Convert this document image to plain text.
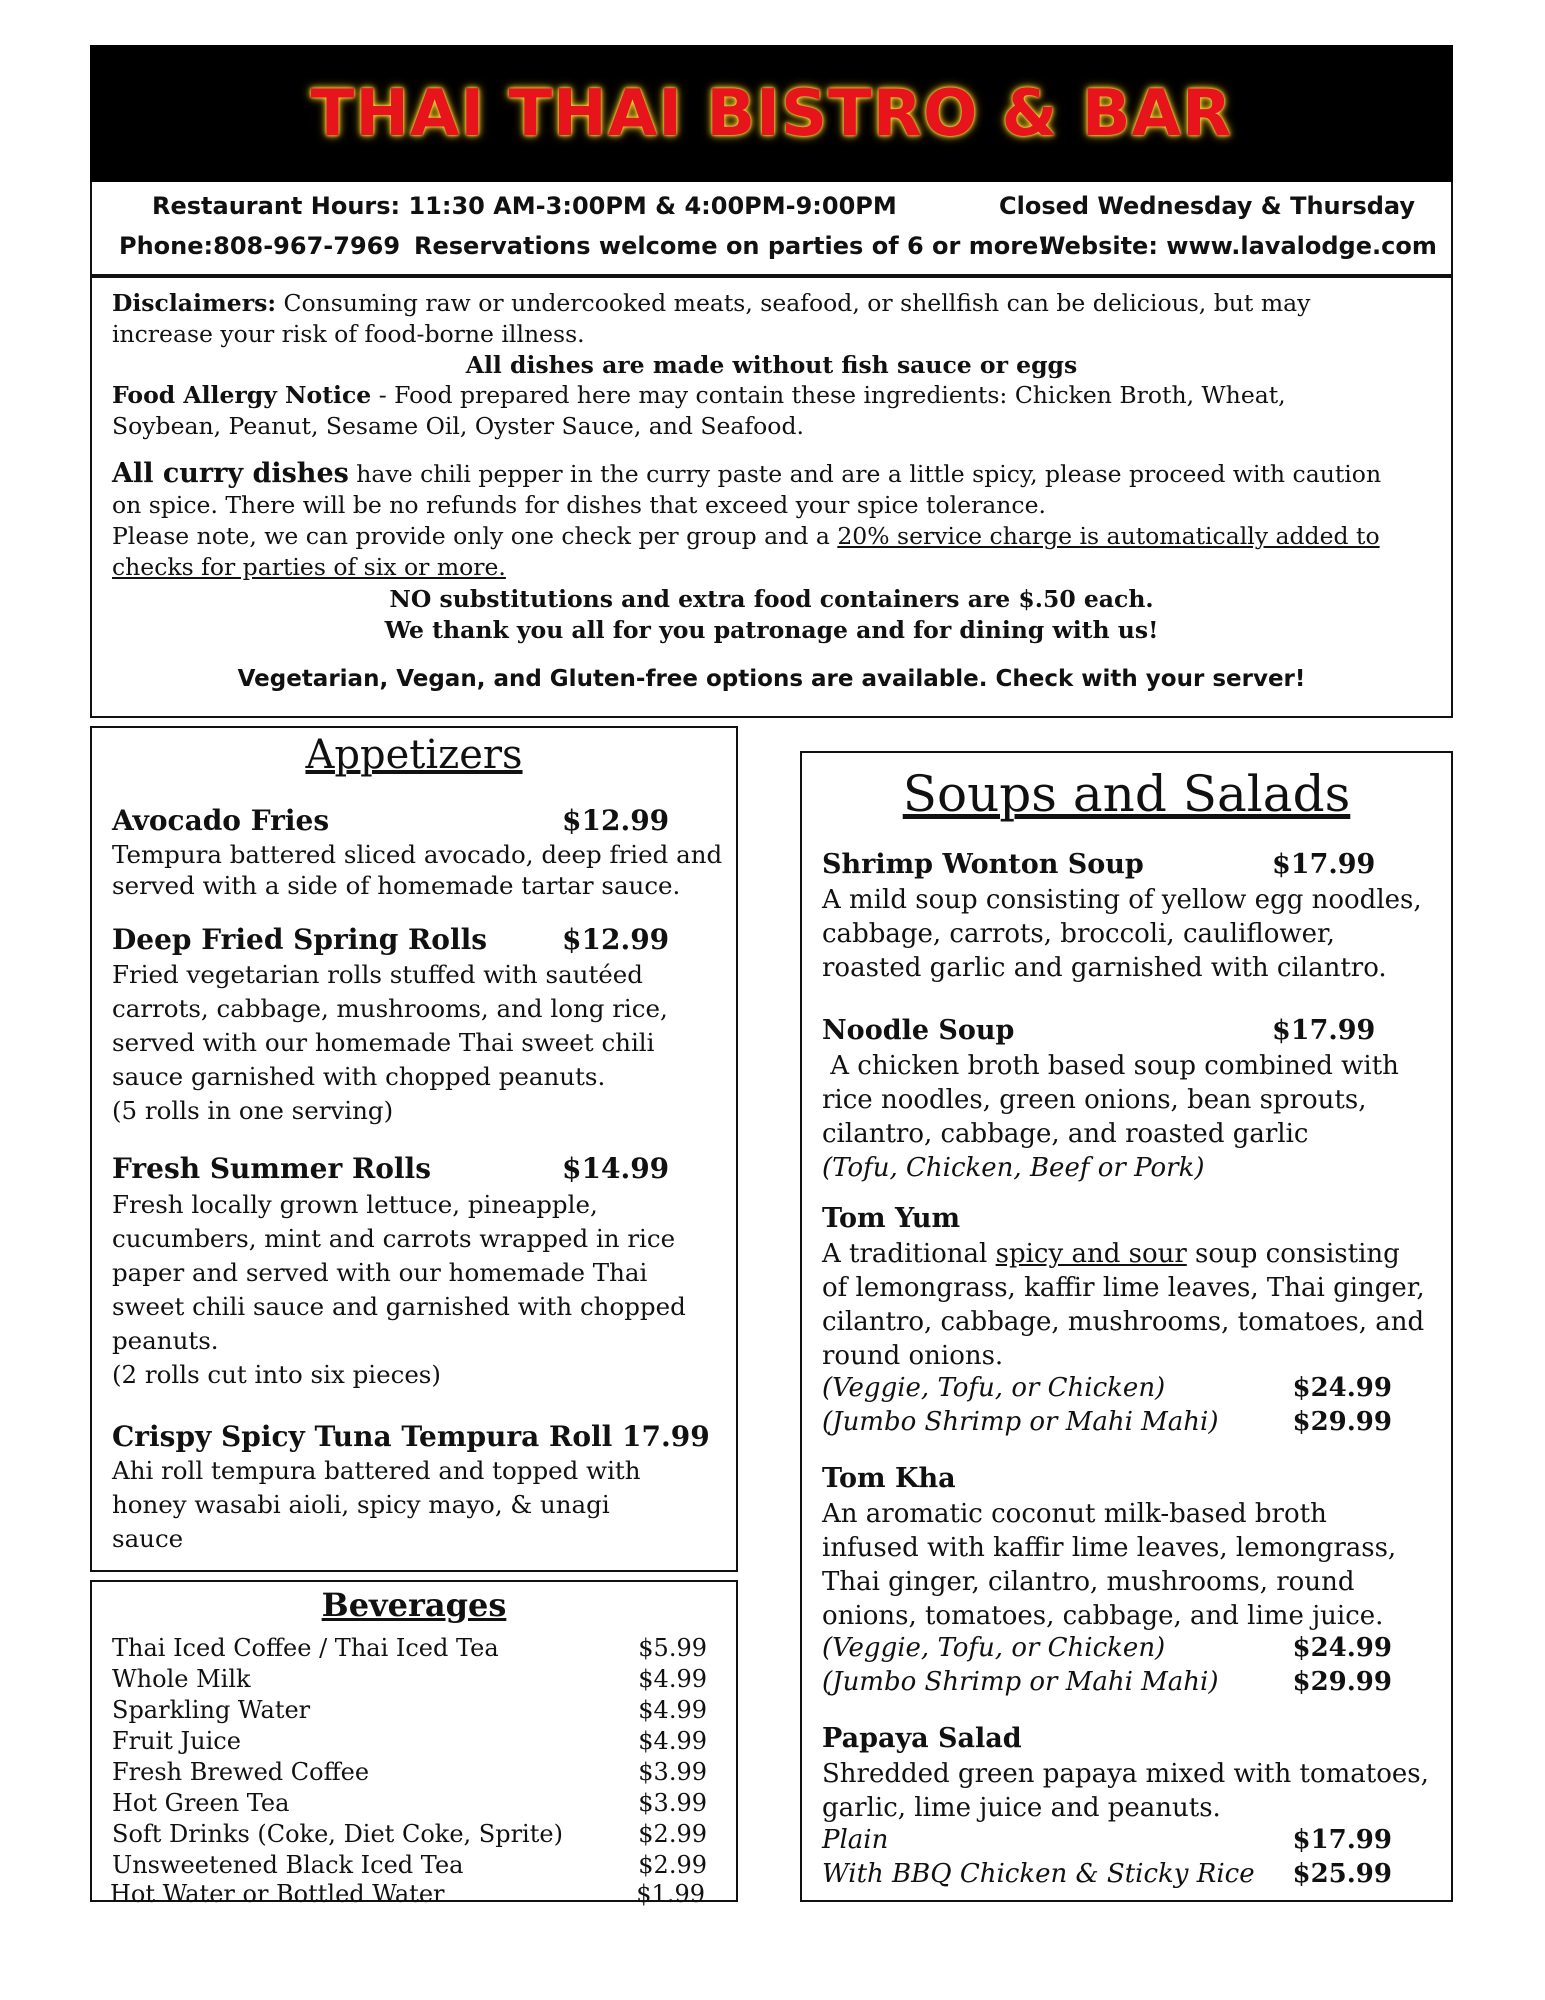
THAI THAI BISTRO & BAR
Restaurant Hours: 11:30 AM-3:00PM & 4:00PM-9:00PM	Closed Wednesday & Thursday
Phone:808-967-7969 Reservations welcome on parties of 6 or more!
Website: www.lavalodge.com
Disclaimers: Consuming raw or undercooked meats, seafood, or shellfish can be delicious, but may
increase your risk of food-borne illness.
All dishes are made without fish sauce or eggs
Food Allergy Notice - Food prepared here may contain these ingredients: Chicken Broth, Wheat,
Soybean, Peanut, Sesame Oil, Oyster Sauce, and Seafood.
All curry dishes have chili pepper in the curry paste and are a little spicy, please proceed with caution
on spice. There will be no refunds for dishes that exceed your spice tolerance.
Please note, we can provide only one check per group and a 20% service charge is automatically added to
checks for parties of six or more.
NO substitutions and extra food containers are $.50 each.
We thank you all for you patronage and for dining with us!
Vegetarian, Vegan, and Gluten-free options are available. Check with your server!
Appetizers
Avocado Fries	$12.99
Tempura battered sliced avocado, deep fried and
served with a side of homemade tartar sauce.
Deep Fried Spring Rolls	$12.99
Fried vegetarian rolls stuffed with sautéed
carrots, cabbage, mushrooms, and long rice,
served with our homemade Thai sweet chili
sauce garnished with chopped peanuts.
(5 rolls in one serving)
Fresh Summer Rolls	$14.99
Fresh locally grown lettuce, pineapple,
cucumbers, mint and carrots wrapped in rice
paper and served with our homemade Thai
sweet chili sauce and garnished with chopped
peanuts.
(2 rolls cut into six pieces)
Crispy Spicy Tuna Tempura Roll 17.99
Ahi roll tempura battered and topped with
honey wasabi aioli, spicy mayo, & unagi
sauce
Beverages
Thai Iced Coffee / Thai Iced Tea	$5.99
Whole Milk	$4.99
Sparkling Water	$4.99
Fruit Juice	$4.99
Fresh Brewed Coffee	$3.99
Hot Green Tea	$3.99
Soft Drinks (Coke, Diet Coke, Sprite)	$2.99
Unsweetened Black Iced Tea	$2.99
Hot Water or Bottled Water	$1.99
Soups and Salads
Shrimp Wonton Soup	$17.99
A mild soup consisting of yellow egg noodles,
cabbage, carrots, broccoli, cauliflower,
roasted garlic and garnished with cilantro.
Noodle Soup	$17.99
A chicken broth based soup combined with
rice noodles, green onions, bean sprouts,
cilantro, cabbage, and roasted garlic
(Tofu, Chicken, Beef or Pork)
Tom Yum
A traditional spicy and sour soup consisting
of lemongrass, kaffir lime leaves, Thai ginger,
cilantro, cabbage, mushrooms, tomatoes, and
round onions.
(Veggie, Tofu, or Chicken)	$24.99
(Jumbo Shrimp or Mahi Mahi)	$29.99
Tom Kha
An aromatic coconut milk-based broth
infused with kaffir lime leaves, lemongrass,
Thai ginger, cilantro, mushrooms, round
onions, tomatoes, cabbage, and lime juice.
(Veggie, Tofu, or Chicken)	$24.99
(Jumbo Shrimp or Mahi Mahi)	$29.99
Papaya Salad
Shredded green papaya mixed with tomatoes,
garlic, lime juice and peanuts.
Plain	$17.99
With BBQ Chicken & Sticky Rice $25.99
